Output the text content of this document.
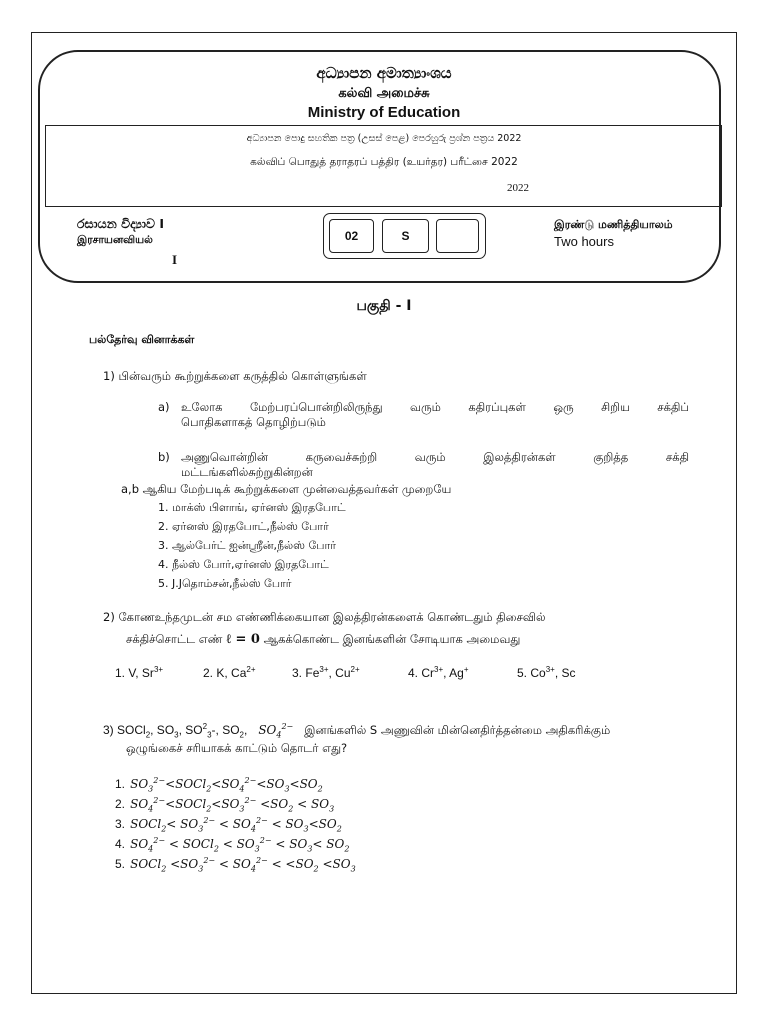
අධ්‍යාපන අමාත්‍යාංශය
கல்வி அமைச்சு
Ministry of Education
අධ්‍යාපන පොදු සහතික පත්‍ර (උසස් පෙළ) පෙරහුරු ප්‍රශ්න පත්‍රය 2022
கல்விப் பொதுத் தராதரப் பத்திர (உயர்தர) பரீட்சை 2022
2022
රසායන විද්‍යාව I
இரசாயனவியல்
I
02	S
இரண்டு மணித்தியாலம்
Two hours
பகுதி - I
பல்தேர்வு வினாக்கள்
1) பின்வரும் கூற்றுக்களை கருத்தில் கொள்ளுங்கள்
a) உலோக மேற்பரப்பொன்றிலிருந்து வரும் கதிரப்புகள் ஒரு சிறிய சக்திப்
பொதிகளாகத் தொழிற்படும்
b) அணுவொன்றின் கருவைச்சுற்றி வரும் இலத்திரன்கள் குறித்த சக்தி
மட்டங்களில்சுற்றுகின்றன்
a,b ஆகிய மேற்படிக் கூற்றுக்களை முன்வைத்தவர்கள் முறையே
1. மாக்ஸ் பிளாங், ஏர்னஸ் இரதபோட்
2. ஏர்னஸ் இரதபோட்,நீல்ஸ் போர்
3. ஆல்பேர்ட் ஐன்ஸ்ரீன்,நீல்ஸ் போர்
4. நீல்ஸ் போர்,ஏர்னஸ் இரதபோட்
5. J.Jதொம்சன்,நீல்ஸ் போர்
2) கோணஉந்தமுடன் சம எண்ணிக்கையான இலத்திரன்களைக் கொண்டதும் திசைவில்
சக்திச்சொட்ட எண் ℓ = 0 ஆகக்கொண்ட இனங்களின் சோடியாக அமைவது
1. V, $Sr^{3+}$	2. K, $Ca^{2+}$	3. $Fe^{3+}$, $Cu^{2+}$	4. $Cr^{3+}$, Ag+	5. $Co^{3+}$, Sc
3) SOCl$_2$, $SO_3$, $SO^2_3-$, $SO_2$, $SO_4^{2-}$ இனங்களில் S அணுவின் மின்னெதிர்த்தன்மை அதிகரிக்கும்
ஒழுங்கைச் சரியாகக் காட்டும் தொடர் எது?
1. $SO_3^{2-}<SOCl_2<SO_4^{2-}<SO_3<SO_2$
2. $SO_4^{2-}<SOCl_2<SO_3^{2-} <SO_2 < SO_3$
3. SOCl$_2$< $SO_3^{2-} < SO_4^{2-} < SO_3<SO_2$
4. $SO_4^{2-}$ < SOCl$_2$ < $SO_3^{2-} < SO_3< SO_2$
5. SOCl$_2$ $<SO_3^{2-} < SO_4^{2-} < <SO_2 <SO_3$
